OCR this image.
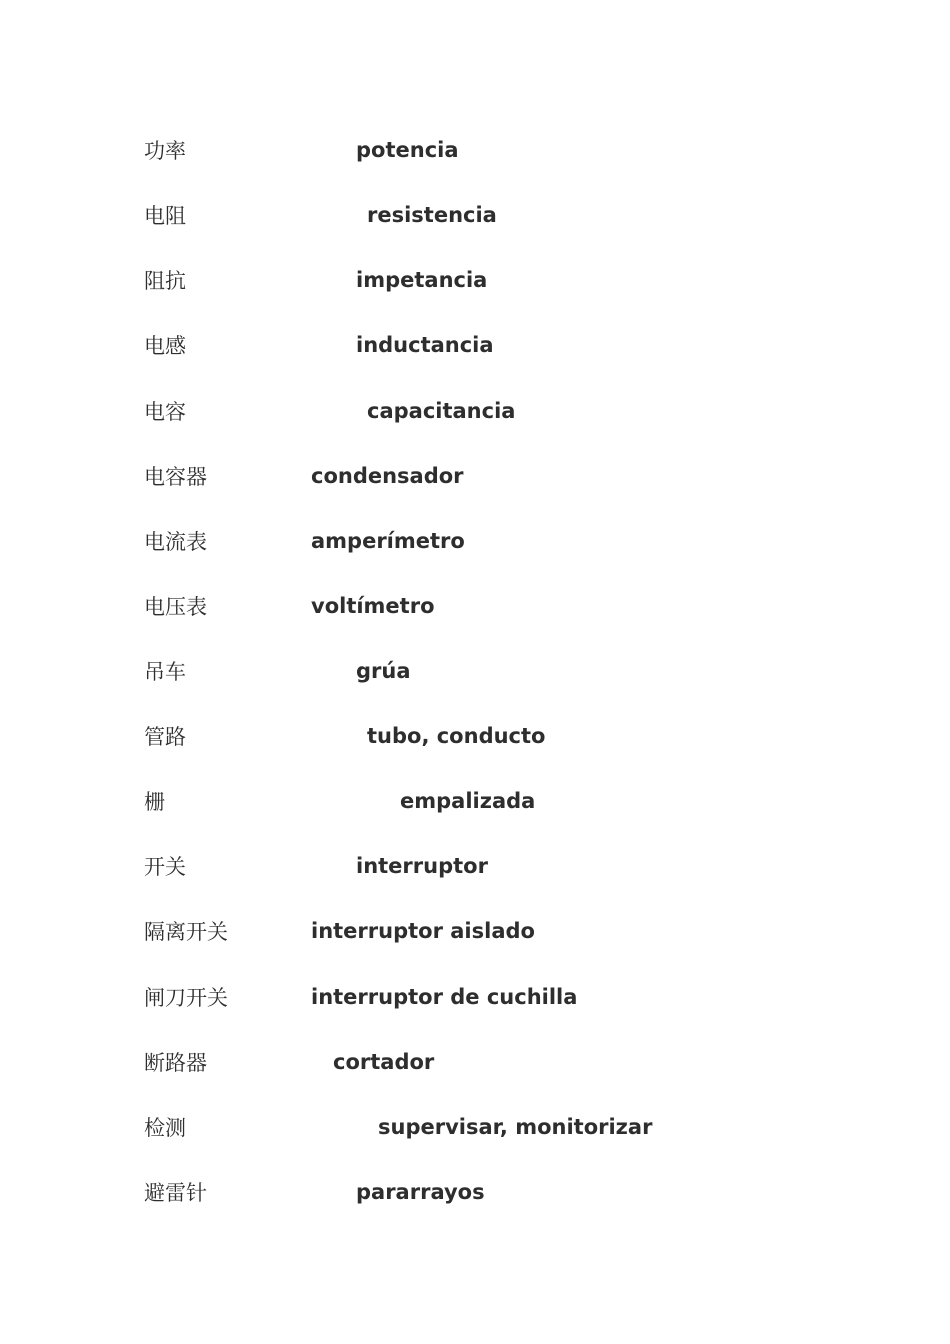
功率	potencia
电阻	resistencia
阻抗	impetancia
电感	inductancia
电容	capacitancia
电容器	condensador
电流表	amperímetro
电压表	voltímetro
吊车	grúa
管路	tubo, conducto
栅	empalizada
开关	interruptor
隔离开关	interruptor aislado
闸刀开关	interruptor de cuchilla
断路器	cortador
检测	supervisar, monitorizar
避雷针	pararrayos
